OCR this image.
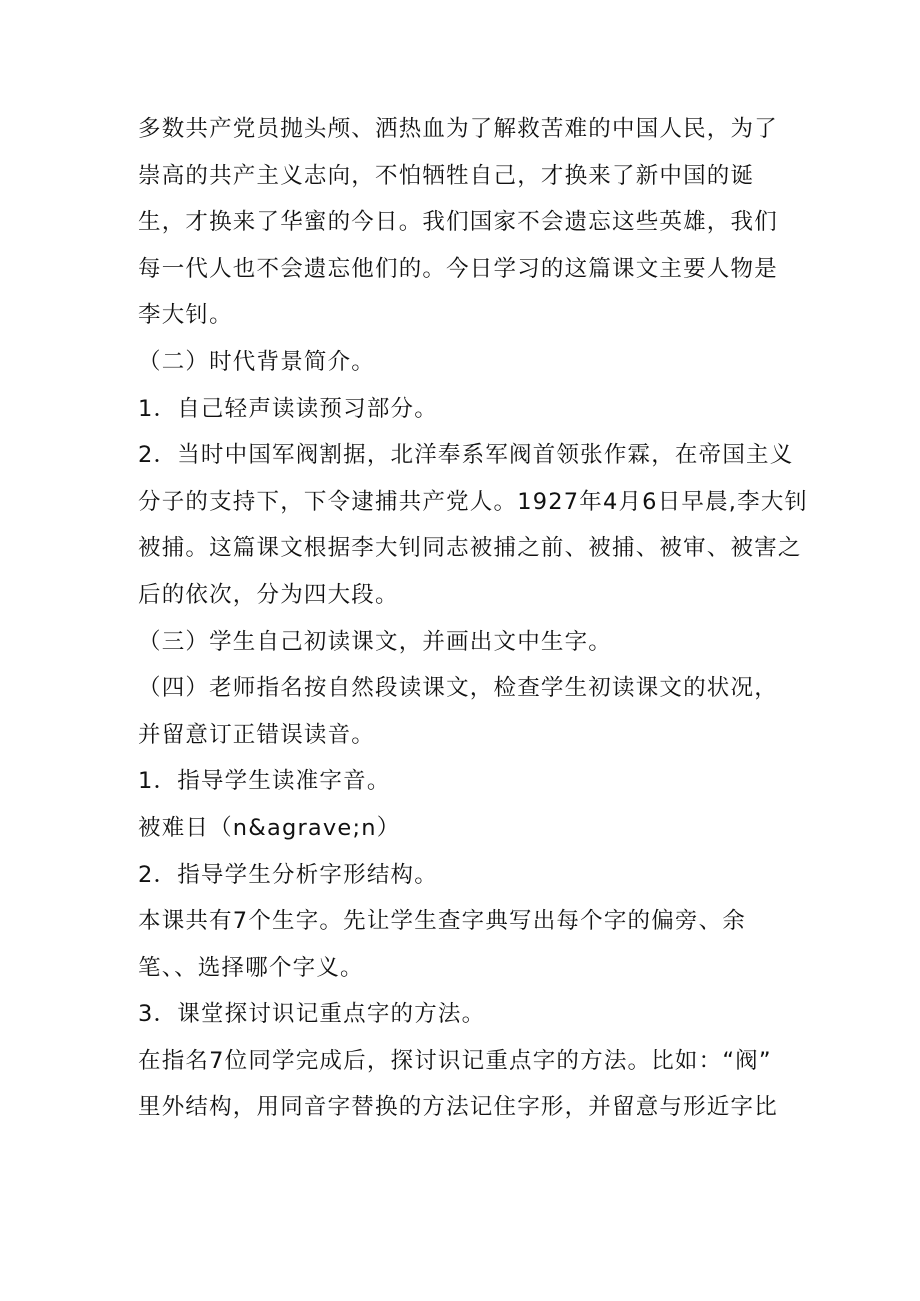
多数共产党员抛头颅、洒热血为了解救苦难的中国人民，为了
崇高的共产主义志向，不怕牺牲自己，才换来了新中国的诞
生，才换来了华蜜的今日。我们国家不会遗忘这些英雄，我们
每一代人也不会遗忘他们的。今日学习的这篇课文主要人物是
李大钊。
（二）时代背景简介。
1．自己轻声读读预习部分。
2．当时中国军阀割据，北洋奉系军阀首领张作霖，在帝国主义
分子的支持下，下令逮捕共产党人。1927年4月6日早晨,李大钊
被捕。这篇课文根据李大钊同志被捕之前、被捕、被审、被害之
后的依次，分为四大段。
（三）学生自己初读课文，并画出文中生字。
（四）老师指名按自然段读课文，检查学生初读课文的状况，
并留意订正错误读音。
1．指导学生读准字音。
被难日（n&agrave;n）
2．指导学生分析字形结构。
本课共有7个生字。先让学生查字典写出每个字的偏旁、余
笔、、选择哪个字义。
3．课堂探讨识记重点字的方法。
在指名7位同学完成后，探讨识记重点字的方法。比如：“阀”
里外结构，用同音字替换的方法记住字形，并留意与形近字比
